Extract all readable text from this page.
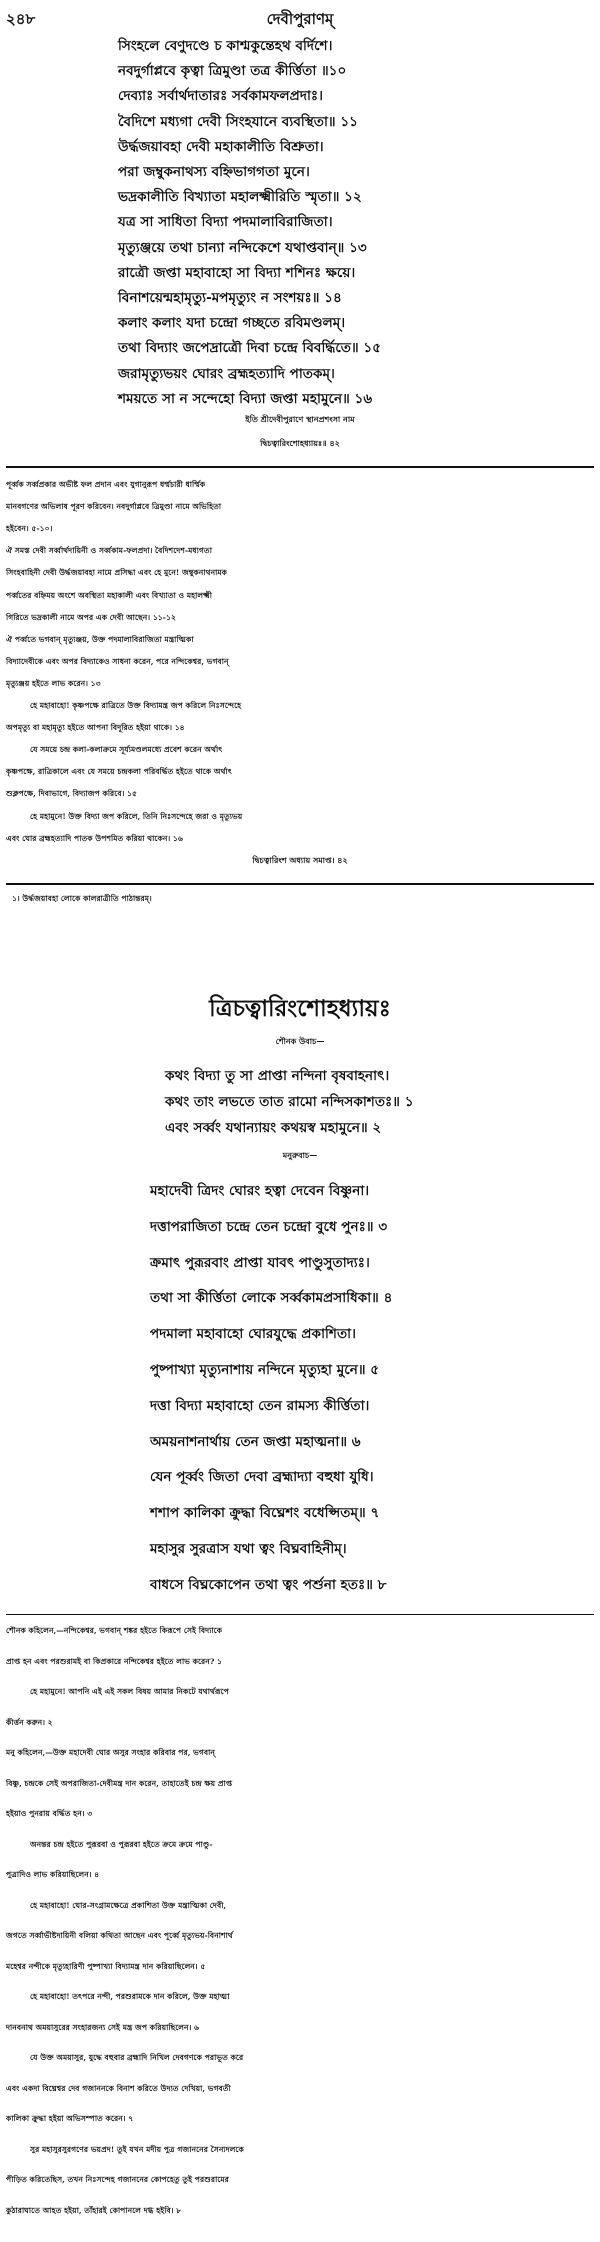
২৪৮	দেবীপুরাণম্
সিংহলে বেণুদণ্ডে চ কাশ্মকুন্তেহথ বৰ্দিশে।
নবদুর্গাপ্লবে কৃত্বা ত্রিমুণ্ডা তত্র কীৰ্ত্তিতা ॥১০
দেব্যাঃ সৰ্বার্থদাতারঃ সর্বকামফলপ্রদাঃ।
বৈদিশে মধ্যগা দেবী সিংহযানে ব্যবস্থিতা॥ ১১
উৰ্দ্ধজয়াবহা দেবী মহাকালীতি বিশ্রুতা।
পরা জম্বুকনাথস্য বহ্নিভাগগতা মুনে।
ভদ্রকালীতি বিখ্যাতা মহালক্ষ্মীরিতি স্মৃতা॥ ১২
যত্র সা সাধিতা বিদ্যা পদমালাবিরাজিতা।
মৃত্যুঞ্জয়ে তথা চান্যা নন্দিকেশে যথাপ্তবান্॥ ১৩
রাত্রৌ জপ্তা মহাবাহো সা বিদ্যা শশিনঃ ক্ষয়ে।
বিনাশয়েন্মহামৃত্যু-মপমৃত্যুং ন সংশয়ঃ॥ ১৪
কলাং কলাং যদা চন্দ্রো গচ্ছতে রবিমণ্ডলম্।
তথা বিদ্যাং জপেদ্রাত্রৌ দিবা চন্দ্রে বিবর্দ্ধিতে॥ ১৫
জরামৃত্যুভয়ং ঘোরং ব্রহ্মহত্যাদি পাতকম্।
শময়তে সা ন সন্দেহো বিদ্যা জপ্তা মহামুনে॥ ১৬
ইতি শ্রীদেবীপুরাণে স্থানপ্রশংসা নাম
দ্বিচত্বারিংশোহধ্যায়ঃ॥ ৪২
পূর্ব্বক সৰ্ব্বপ্রকার অভীষ্ট ফল প্রদান এবং যুগানুরূপ ধৰ্ম্মচারী ধাৰ্ম্মিক
মানবগণের অভিলাষ পূরণ করিবেন। নবদুর্গাপ্লবে ত্রিমুণ্ডা নামে অভিহিতা
হইবেন। ৫-১০।
ঐ সমস্ত দেবী সৰ্ব্বার্থদায়িনী ও সৰ্ব্বকাম-ফলপ্রদা। বৈদিশদেশ-মধ্যগতা
সিংহবাহিনী দেবী উৰ্দ্ধজয়াবহা নামে প্রসিদ্ধা এবং হে মুনে! জম্বুকনাথনামক
পর্ব্বতের বহ্নিময় অংশে অবস্থিতা মহাকালী এবং বিখ্যাতা ও মহালক্ষ্মী
গিরিতে ভদ্রকালী নামে অপর এক দেবী আছেন। ১১-১২
ঐ পৰ্ব্বতে ভগবান্ মৃত্যুঞ্জয়, উক্ত পদমালাবিরাজিতা মন্ত্রাত্মিকা
বিদ্যাদেবীকে এবং অপর বিদ্যাকেও সাধনা করেন, পরে নন্দিকেশ্বর, ভগবান্
মৃত্যুঞ্জয় হইতে লাভ করেন। ১৩
হে মহাবাহো! কৃষ্ণপক্ষে রাত্রিতে উক্ত বিদ্যামন্ত্র জপ করিলে নিঃসন্দেহে
অপমৃত্যু বা মহামৃত্যু হইতে আপনা বিদূরিত হইয়া থাকে। ১৪
যে সময়ে চন্দ্র কলা-কলাক্রমে সূৰ্য্যমণ্ডলমধ্যে প্রবেশ করেন অর্থাৎ
কৃষ্ণপক্ষে, রাত্রিকালে এবং যে সময়ে চন্দ্রকলা পরিবর্দ্ধিত হইতে থাকে অর্থাৎ
শুক্লপক্ষে, দিবাভাগে, বিদ্যাজপ করিবে। ১৫
হে মহামুনে! উক্ত বিদ্যা জপ করিলে, তিনি নিঃসন্দেহে জরা ও মৃত্যুভয়
এবং ঘোর ব্রহ্মহত্যাদি পাতক উপশমিত করিয়া থাকেন। ১৬
দ্বিচত্বারিংশ অধ্যায় সমাপ্ত। ৪২
১। উৰ্দ্ধজয়াবহা লোকে কালরাত্রীতি পাঠান্তরম্।
ত্রিচত্বারিংশোহধ্যায়ঃ
শৌনক উবাচ—
কথং বিদ্যা তু সা প্রাপ্তা নন্দিনা বৃষবাহনাৎ।
কথং তাং লভতে তাত রামো নন্দিসকাশতঃ॥ ১
এবং সৰ্ব্বং যথান্যায়ং কথয়স্ব মহামুনে॥ ২
মনুরুবাচ—
মহাদেবী ত্রিদং ঘোরং হত্বা দেবেন বিষ্ণুনা।
দত্তাপরাজিতা চন্দ্রে তেন চন্দ্রো বুধে পুনঃ॥ ৩
ক্রমাৎ পুরূরবাং প্রাপ্তা যাবৎ পাণ্ডুসুতাদ্যঃ।
তথা সা কীৰ্ত্তিতা লোকে সৰ্ব্বকামপ্রসাধিকা॥ ৪
পদমালা মহাবাহো ঘোরযুদ্ধে প্রকাশিতা।
পুষ্পাখ্যা মৃত্যুনাশায় নন্দিনে মৃত্যুহা মুনে॥ ৫
দত্তা বিদ্যা মহাবাহো তেন রামস্য কীৰ্ত্তিতা।
অময়নাশনার্থায় তেন জপ্তা মহাত্মনা॥ ৬
যেন পূর্ব্বং জিতা দেবা ব্রহ্মাদ্যা বহুধা যুধি।
শশাপ কালিকা ক্রুদ্ধা বিঘ্নেশং বধেপ্সিতম্॥ ৭
মহাসুর সুরত্রাস যথা ত্বং বিঘ্নবাহিনীম্।
বাধসে বিঘ্নকোপেন তথা ত্বং পর্শুনা হতঃ॥ ৮
শৌনক কহিলেন,—নন্দিকেশ্বর, ভগবান্ শঙ্কর হইতে কিরূপে সেই বিদ্যাকে
প্রাপ্ত হন এবং পরশুরামই বা কিপ্রকারে নন্দিকেশ্বর হইতে লাভ করেন? ১
হে মহামুনে! আপনি এই এই সকল বিষয় আমার নিকটে যথার্থরূপে
কীৰ্ত্তন করুন। ২
মনু কহিলেন,—উক্ত মহাদেবী ঘোর অসুর সংহার করিবার পর, ভগবান্
বিষ্ণু, চন্দ্রকে সেই অপরাজিতা-দেবীমন্ত্র দান করেন, তাহাতেই চন্দ্র ক্ষয় প্রাপ্ত
হইয়াও পুনরায় বৰ্দ্ধিত হন। ৩
অনন্তর চন্দ্র হইতে পুরূরবা ও পুরূরবা হইতে ক্রমে ক্রমে পাণ্ডু-
পুত্রাদিও লাভ করিয়াছিলেন। ৪
হে মহাবাহো! ঘোর-সংগ্রামক্ষেত্রে প্রকাশিতা উক্ত মন্ত্রাত্মিকা দেবী,
জগতে সৰ্ব্বাভীষ্টদায়িনী বলিয়া কথিতা আছেন এবং পূর্ব্বে মৃত্যুভয়-বিনাশার্থ
মহেশ্বর নন্দীকে মৃত্যুহারিণী পুষ্পাখ্যা বিদ্যামন্ত্র দান করিয়াছিলেন। ৫
হে মহাবাহো! তৎপরে নন্দী, পরশুরামকে দান করিলে, উক্ত মহাত্মা
দানবনাথ অময়াসুরের সংহারজন্য সেই মন্ত্র জপ করিয়াছিলেন। ৬
যে উক্ত অময়াসুর, যুদ্ধে বহুবার ব্রহ্মাদি নিখিল দেবগণকে পরাভূত করে
এবং একদা বিঘ্নেশ্বর দেব গজাননকে বিনাশ করিতে উদ্যত দেখিয়া, ভগবতী
কালিকা ক্রুদ্ধা হইয়া অভিসম্পাত করেন। ৭
সুর মহাসুরসুরগণের ভয়প্রদ! তুই যখন মদীয় পুত্র গজাননের সৈন্যদলকে
পীড়িত করিতেছিস, তখন নিঃসন্দেহ গজাননের কোপহেতু তুই পরশুরামের
কুঠারাঘাতে আহত হইয়া, তাঁহারই কোপানলে দগ্ধ হইবি। ৮
